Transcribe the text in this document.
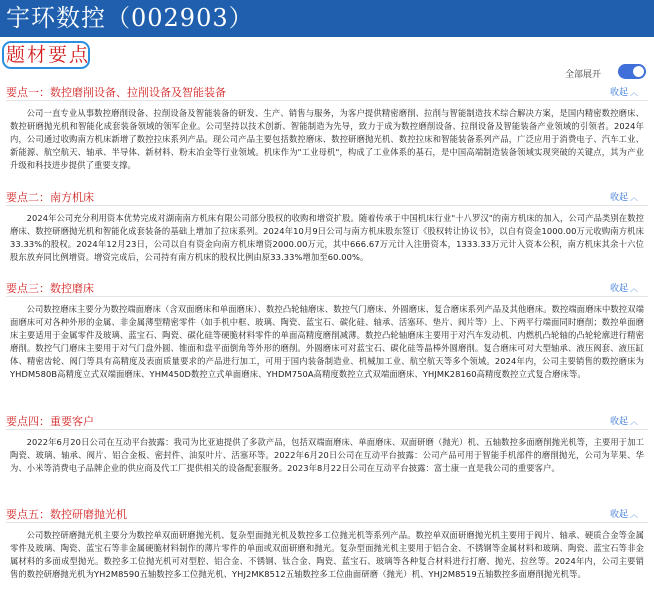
宇环数控（002903）
题材要点
全部展开
要点一：数控磨削设备、拉削设备及智能装备	收起 ︿
公司一直专业从事数控磨削设备、拉削设备及智能装备的研发、生产、销售与服务，为客户提供精密磨削、拉削与智能制造技术综合解决方案，是国内精密数控磨床、数控研磨抛光机和智能化成套装备领域的领军企业。公司坚持以技术创新、智能制造为先导，致力于成为数控磨削设备、拉削设备及智能装备产业领域的引领者。2024年内，公司通过收购南方机床新增了数控拉床系列产品。现公司产品主要包括数控磨床、数控研磨抛光机、数控拉床和智能装备系列产品，广泛应用于消费电子、汽车工业、新能源、航空航天、轴承、半导体、新材料、粉末冶金等行业领域。机床作为"工业母机"，构成了工业体系的基石，是中国高端制造装备领域实现突破的关键点，其为产业升级和科技进步提供了重要支撑。
要点二：南方机床	收起 ︿
2024年公司充分利用资本优势完成对湖南南方机床有限公司部分股权的收购和增资扩股。随着传承于中国机床行业"十八罗汉"的南方机床的加入，公司产品类别在数控磨床、数控研磨抛光机和智能化成套装备的基础上增加了拉床系列。2024年10月9日公司与南方机床股东签订《股权转让协议书》，以自有资金1000.00万元收购南方机床33.33%的股权。2024年12月23日，公司以自有资金向南方机床增资2000.00万元，其中666.67万元计入注册资本，1333.33万元计入资本公积，南方机床其余十六位股东放弃同比例增资。增资完成后，公司持有南方机床的股权比例由原33.33%增加至60.00%。
要点三：数控磨床	收起 ︿
公司数控磨床主要分为数控端面磨床（含双面磨床和单面磨床）、数控凸轮轴磨床、数控气门磨床、外圆磨床、复合磨床系列产品及其他磨床。数控端面磨床中数控双端面磨床可对各种外形的金属、非金属薄型精密零件（如手机中框、玻璃、陶瓷、蓝宝石、碳化硅、轴承、活塞环、垫片、阀片等）上、下两平行端面同时磨削；数控单面磨床主要适用于金属零件及玻璃、蓝宝石、陶瓷、碳化硅等硬脆材料零件的单面高精度磨削减薄。数控凸轮轴磨床主要用于对汽车发动机、内燃机凸轮轴的凸轮轮廓进行精密磨削。数控气门磨床主要用于对气门盘外圆、锥面和盘平面倒角等外形的磨削。外圆磨床可对蓝宝石、碳化硅等晶棒外圆磨削。复合磨床可对大型轴承、液压阀套、液压缸体、精密齿轮、阀门等具有高精度及表面质量要求的产品进行加工，可用于国内装备制造业、机械加工业、航空航天等多个领域。2024年内，公司主要销售的数控磨床为YHDM580B高精度立式双端面磨床、YHM450D数控立式单面磨床、YHDM750A高精度数控立式双端面磨床、YHJMK28160高精度数控立式复合磨床等。
要点四：重要客户	收起 ︿
2022年6月20日公司在互动平台披露：我司为比亚迪提供了多款产品，包括双端面磨床、单面磨床、双面研磨（抛光）机、五轴数控多面磨削抛光机等，主要用于加工陶瓷、玻璃、轴承、阀片、铝合金板、密封件、油泵叶片、活塞环等。2022年6月20日公司在互动平台披露：公司产品可用于智能手机部件的磨削抛光，公司为苹果、华为、小米等消费电子品牌企业的供应商及代工厂提供相关的设备配套服务。2023年8月22日公司在互动平台披露：富士康一直是我公司的重要客户。
要点五：数控研磨抛光机	收起 ︿
公司数控研磨抛光机主要分为数控单双面研磨抛光机、复杂型面抛光机及数控多工位抛光机等系列产品。数控单双面研磨抛光机主要用于阀片、轴承、硬质合金等金属零件及玻璃、陶瓷、蓝宝石等非金属硬脆材料制作的薄片零件的单面或双面研磨和抛光。复杂型面抛光机主要用于铝合金、不锈钢等金属材料和玻璃、陶瓷、蓝宝石等非金属材料的多面成型抛光。数控多工位抛光机可对型腔、铝合金、不锈钢、钛合金、陶瓷、蓝宝石、玻璃等各种复合材料进行打磨、抛光、拉丝等。2024年内，公司主要销售的数控研磨抛光机为YH2M8590五轴数控多工位抛光机、YHJ2MK8512五轴数控多工位曲面研磨（抛光）机、YHJ2M8519五轴数控多面磨削抛光机等。
